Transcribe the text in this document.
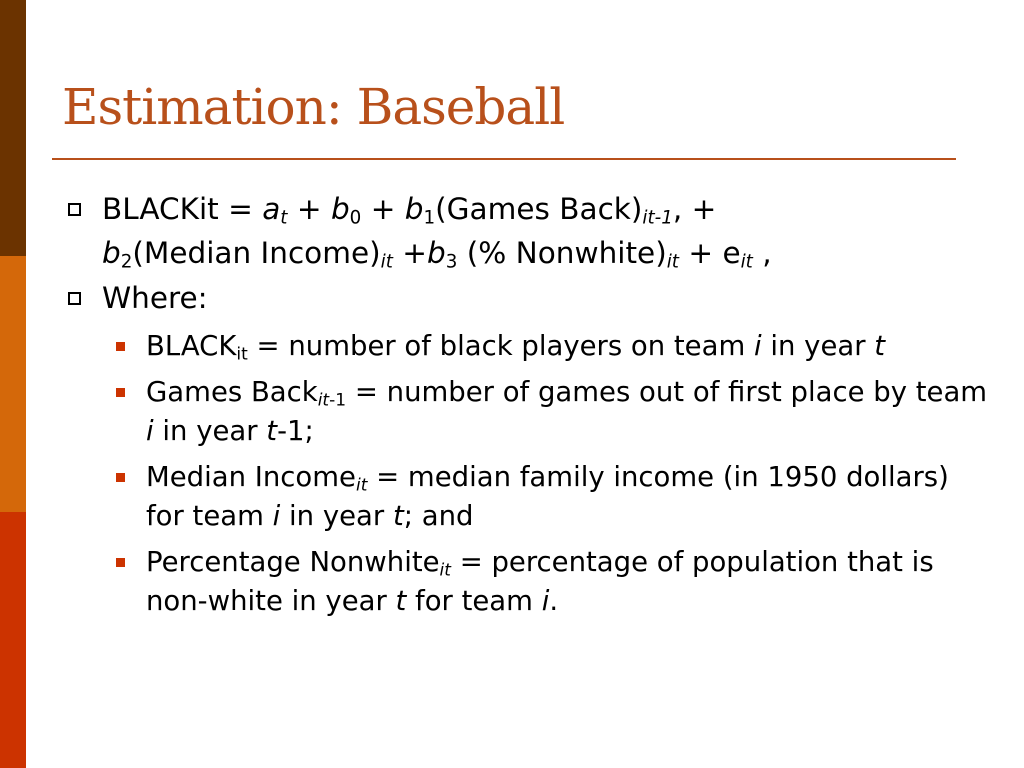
Estimation: Baseball
BLACKit = $a_t + b_0$ + $b_1(Games$ $Back)_{it-1}$, +
$b_2(Median$ $Income)_{it} +b_3$ (% $Nonwhite)_{it} + e_{it}$ ,
Where:
$BLACK_{it}$ = number of black players on team i in year t
Games Back$_{it-1}$ = number of games out of first place by team i in year t-1;
Median Income$_{it}$ = median family income (in 1950 dollars) for team i in year t; and
Percentage Nonwhite$_{it}$ = percentage of population that is non-white in year t for team i.
